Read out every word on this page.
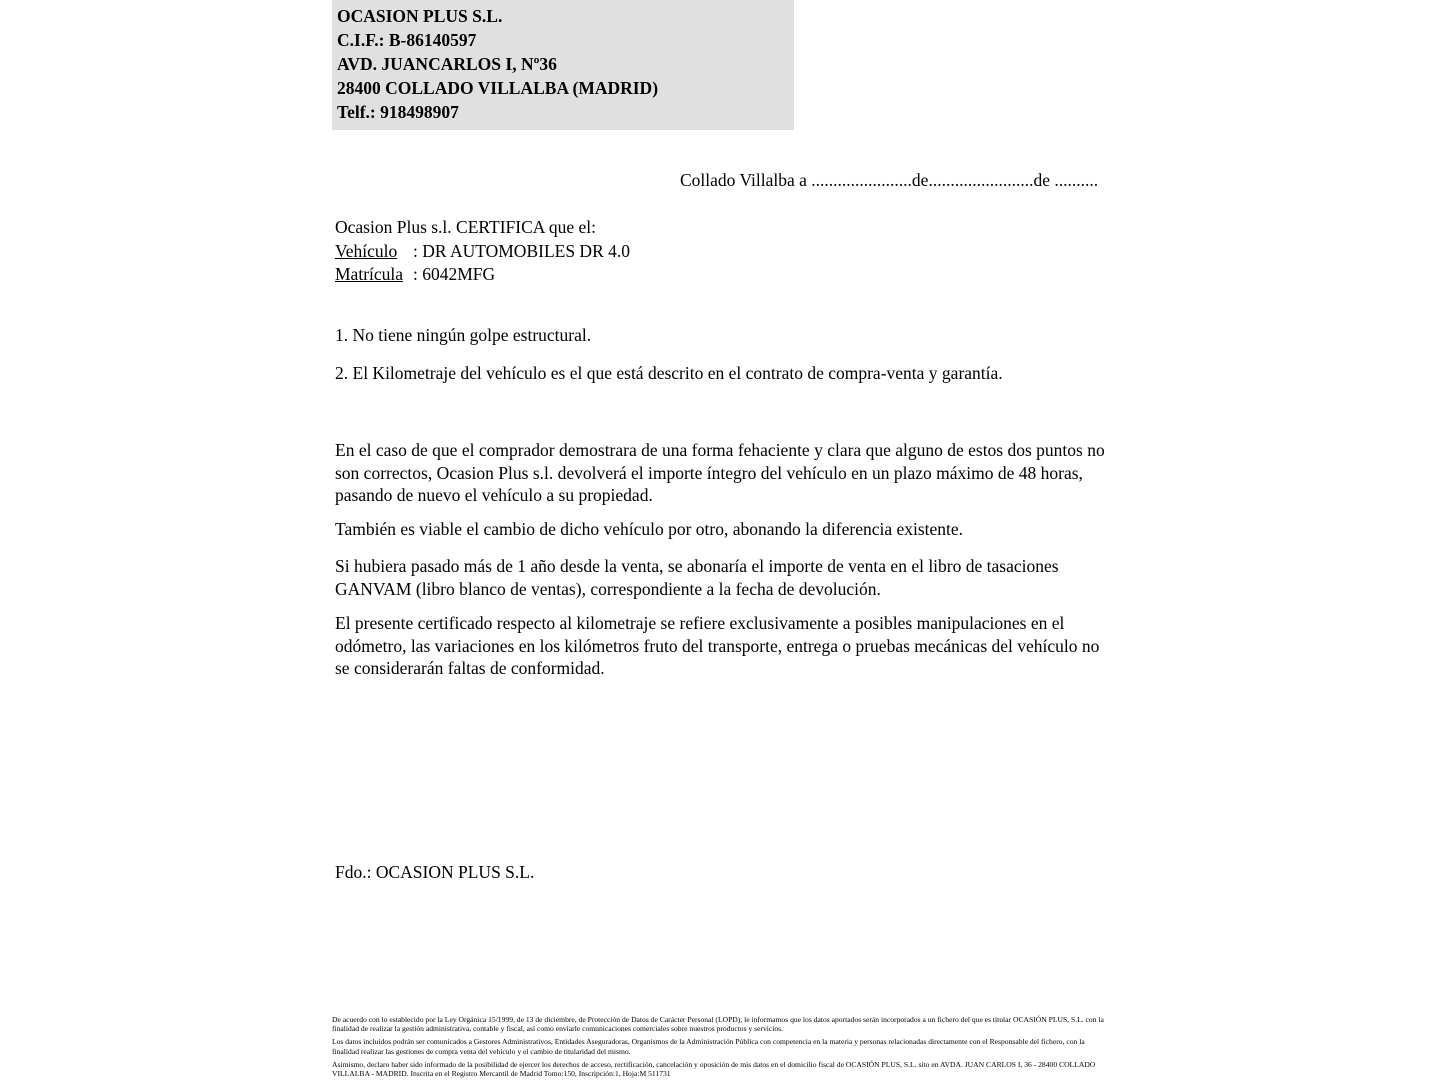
OCASION PLUS S.L.
C.I.F.: B-86140597
AVD. JUANCARLOS I, Nº36
28400 COLLADO VILLALBA (MADRID)
Telf.: 918498907
Collado Villalba a .......................de........................de ..........
Ocasion Plus s.l. CERTIFICA que el:
Vehículo : DR AUTOMOBILES DR 4.0
Matrícula : 6042MFG
1. No tiene ningún golpe estructural.
2. El Kilometraje del vehículo es el que está descrito en el contrato de compra-venta y garantía.
En el caso de que el comprador demostrara de una forma fehaciente y clara que alguno de estos dos puntos no son correctos, Ocasion Plus s.l. devolverá el importe íntegro del vehículo en un plazo máximo de 48 horas, pasando de nuevo el vehículo a su propiedad.
También es viable el cambio de dicho vehículo por otro, abonando la diferencia existente.
Si hubiera pasado más de 1 año desde la venta, se abonaría el importe de venta en el libro de tasaciones GANVAM (libro blanco de ventas), correspondiente a la fecha de devolución.
El presente certificado respecto al kilometraje se refiere exclusivamente a posibles manipulaciones en el odómetro, las variaciones en los kilómetros fruto del transporte, entrega o pruebas mecánicas del vehículo no se considerarán faltas de conformidad.
Fdo.: OCASION PLUS S.L.

De acuerdo con lo establecido por la Ley Orgánica 15/1999, de 13 de diciembre, de Protección de Datos de Carácter Personal (LOPD), le informamos que los datos aportados serán incorporados a un fichero del que es titular OCASIÓN PLUS, S.L. con la finalidad de realizar la gestión administrativa, contable y fiscal, así como enviarle comunicaciones comerciales sobre nuestros productos y servicios.

Los datos incluidos podrán ser comunicados a Gestores Administrativos, Entidades Aseguradoras, Organismos de la Administración Pública con competencia en la materia y personas relacionadas directamente con el Responsable del fichero, con la finalidad realizar las gestiones de compra venta del vehículo y el cambio de titularidad del mismo.

Asimismo, declaro haber sido informado de la posibilidad de ejercer los derechos de acceso, rectificación, cancelación y oposición de mis datos en el domicilio fiscal de OCASIÓN PLUS, S.L. sito en AVDA. JUAN CARLOS I, 36 - 28400 COLLADO VILLALBA - MADRID. Inscrita en el Registro Mercantil de Madrid Tomo:150, Inscripción:1, Hoja:M 511731
